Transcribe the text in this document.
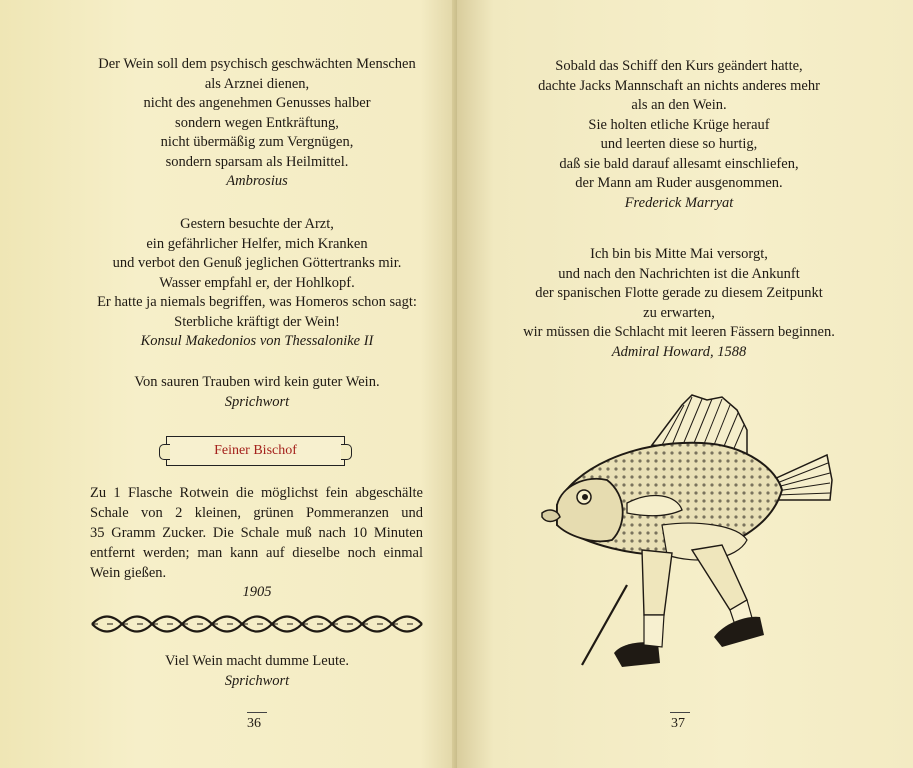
Der Wein soll dem psychisch geschwächten Menschen
als Arznei dienen,
nicht des angenehmen Genusses halber
sondern wegen Entkräftung,
nicht übermäßig zum Vergnügen,
sondern sparsam als Heilmittel.
Ambrosius
Gestern besuchte der Arzt,
ein gefährlicher Helfer, mich Kranken
und verbot den Genuß jeglichen Göttertranks mir.
Wasser empfahl er, der Hohlkopf.
Er hatte ja niemals begriffen, was Homeros schon sagt:
Sterbliche kräftigt der Wein!
Konsul Makedonios von Thessalonike II
Von sauren Trauben wird kein guter Wein.
Sprichwort
Feiner Bischof
Zu 1 Flasche Rotwein die möglichst fein abgeschälte
Schale von 2 kleinen, grünen Pommeranzen und
35 Gramm Zucker. Die Schale muß nach 10 Minuten
entfernt werden; man kann auf dieselbe noch einmal
Wein gießen.
1905
Viel Wein macht dumme Leute.
Sprichwort
36
Sobald das Schiff den Kurs geändert hatte,
dachte Jacks Mannschaft an nichts anderes mehr
als an den Wein.
Sie holten etliche Krüge herauf
und leerten diese so hurtig,
daß sie bald darauf allesamt einschliefen,
der Mann am Ruder ausgenommen.
Frederick Marryat
Ich bin bis Mitte Mai versorgt,
und nach den Nachrichten ist die Ankunft
der spanischen Flotte gerade zu diesem Zeitpunkt
zu erwarten,
wir müssen die Schlacht mit leeren Fässern beginnen.
Admiral Howard, 1588
37
